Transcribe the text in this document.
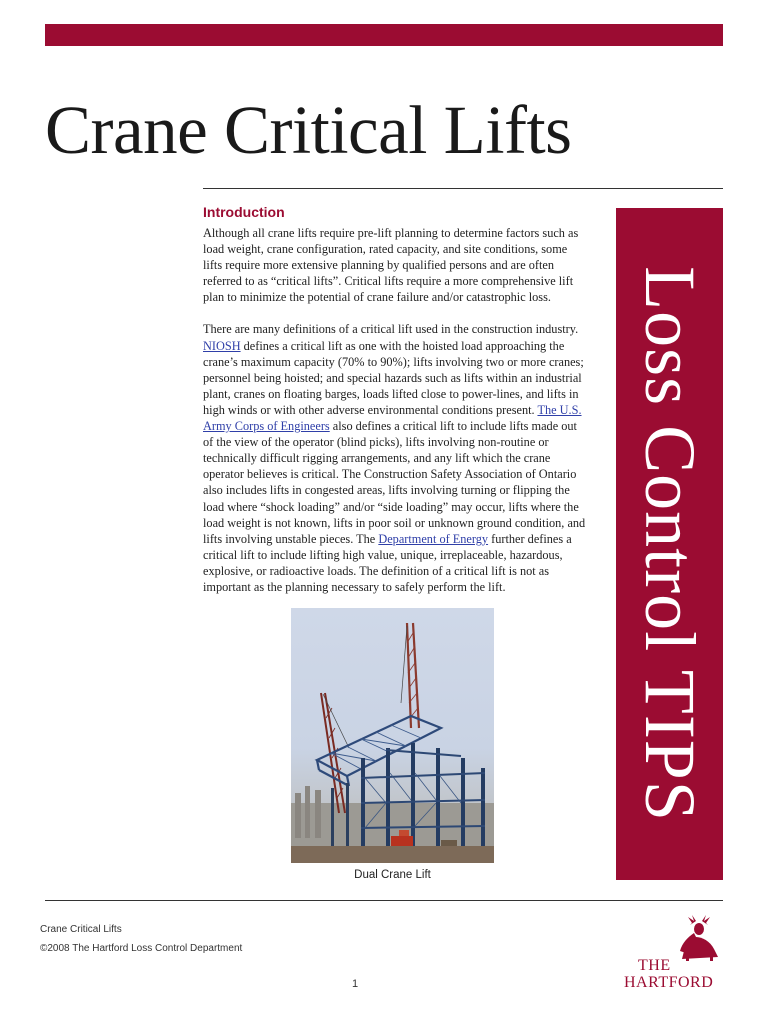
Crane Critical Lifts
Loss Control TIPS
Introduction

Although all crane lifts require pre-lift planning to determine factors such as load weight, crane configuration, rated capacity, and site conditions, some lifts require more extensive planning by qualified persons and are often referred to as “critical lifts”. Critical lifts require a more comprehensive lift plan to minimize the potential of crane failure and/or catastrophic loss.

There are many definitions of a critical lift used in the construction industry. NIOSH defines a critical lift as one with the hoisted load approaching the crane’s maximum capacity (70% to 90%); lifts involving two or more cranes; personnel being hoisted; and special hazards such as lifts within an industrial plant, cranes on floating barges, loads lifted close to power-lines, and lifts in high winds or with other adverse environmental conditions present. The U.S. Army Corps of Engineers also defines a critical lift to include lifts made out of the view of the operator (blind picks), lifts involving non-routine or technically difficult rigging arrangements, and any lift which the crane operator believes is critical. The Construction Safety Association of Ontario also includes lifts in congested areas, lifts involving turning or flipping the load where “shock loading” and/or “side loading” may occur, lifts where the load weight is not known, lifts in poor soil or unknown ground condition, and lifts involving unstable pieces. The Department of Energy further defines a critical lift to include lifting high value, unique, irreplaceable, hazardous, explosive, or radioactive loads. The definition of a critical lift is not as important as the planning necessary to safely perform the lift.

Dual Crane Lift
Crane Critical Lifts
©2008 The Hartford Loss Control Department
1
THE
HARTFORD
